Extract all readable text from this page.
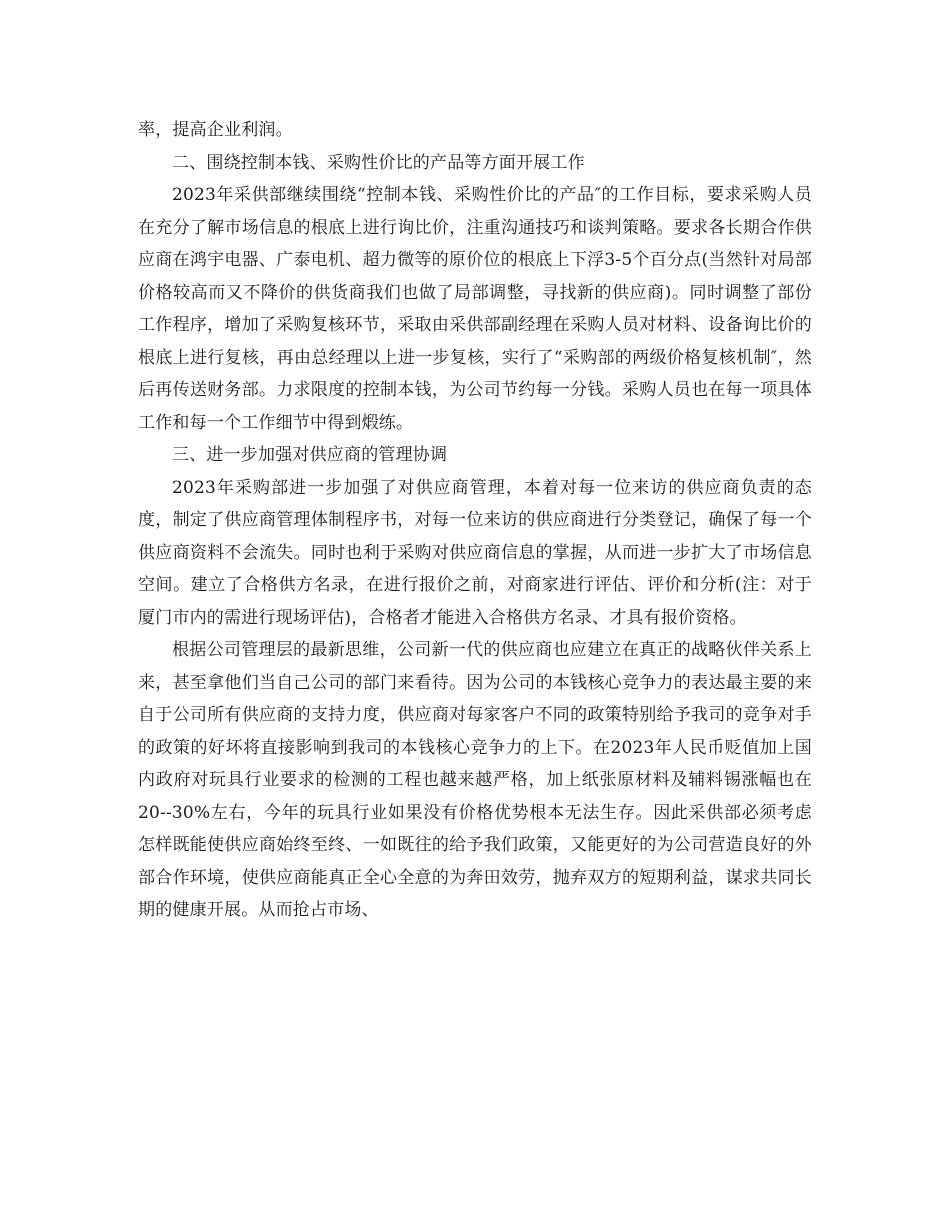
率，提高企业利润。

二、围绕控制本钱、采购性价比的产品等方面开展工作

2023年采供部继续围绕“控制本钱、采购性价比的产品″的工作目标，要求采购人员在充分了解市场信息的根底上进行询比价，注重沟通技巧和谈判策略。要求各长期合作供应商在鸿宇电器、广泰电机、超力微等的原价位的根底上下浮3-5个百分点(当然针对局部价格较高而又不降价的供货商我们也做了局部调整，寻找新的供应商)。同时调整了部份工作程序，增加了采购复核环节，采取由采供部副经理在采购人员对材料、设备询比价的根底上进行复核，再由总经理以上进一步复核，实行了“采购部的两级价格复核机制″，然后再传送财务部。力求限度的控制本钱，为公司节约每一分钱。采购人员也在每一项具体工作和每一个工作细节中得到煅练。

三、进一步加强对供应商的管理协调

2023年采购部进一步加强了对供应商管理，本着对每一位来访的供应商负责的态度，制定了供应商管理体制程序书，对每一位来访的供应商进行分类登记，确保了每一个供应商资料不会流失。同时也利于采购对供应商信息的掌握，从而进一步扩大了市场信息空间。建立了合格供方名录，在进行报价之前，对商家进行评估、评价和分析(注：对于厦门市内的需进行现场评估)，合格者才能进入合格供方名录、才具有报价资格。

根据公司管理层的最新思维，公司新一代的供应商也应建立在真正的战略伙伴关系上来，甚至拿他们当自己公司的部门来看待。因为公司的本钱核心竞争力的表达最主要的来自于公司所有供应商的支持力度，供应商对每家客户不同的政策特别给予我司的竞争对手的政策的好坏将直接影响到我司的本钱核心竞争力的上下。在2023年人民币贬值加上国内政府对玩具行业要求的检测的工程也越来越严格，加上纸张原材料及辅料锡涨幅也在20--30%左右，今年的玩具行业如果没有价格优势根本无法生存。因此采供部必须考虑怎样既能使供应商始终至终、一如既往的给予我们政策，又能更好的为公司营造良好的外部合作环境，使供应商能真正全心全意的为奔田效劳，抛弃双方的短期利益，谋求共同长期的健康开展。从而抢占市场、
